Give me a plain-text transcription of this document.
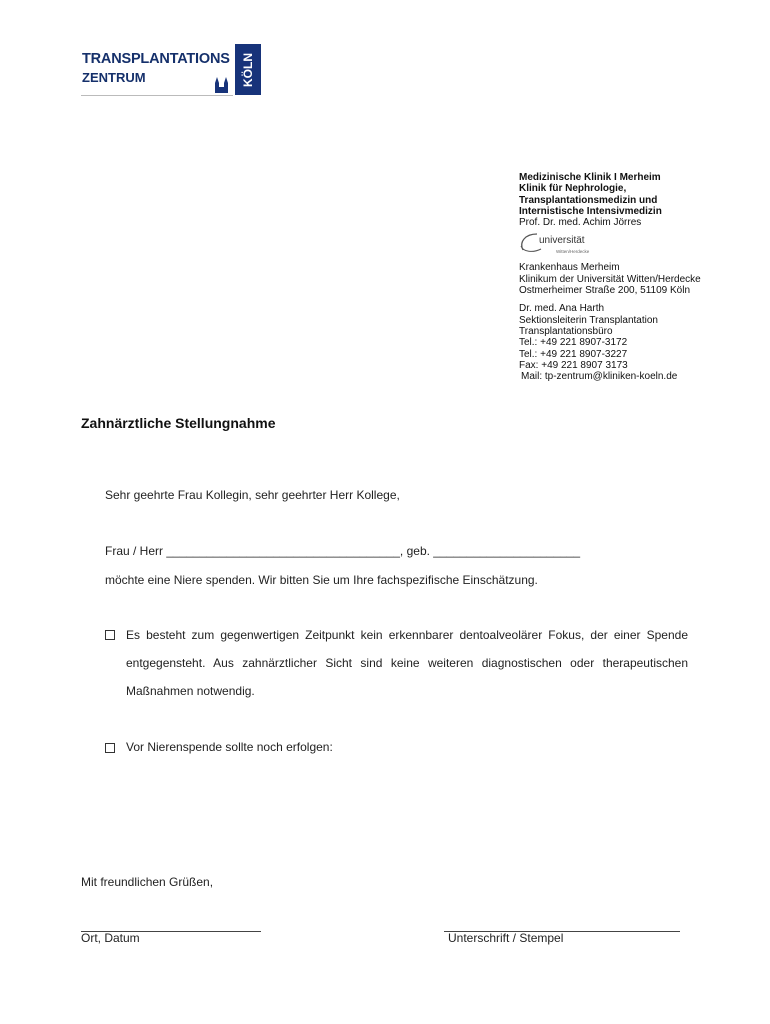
TRANSPLANTATIONS
ZENTRUM	KÖLN
Medizinische Klinik I Merheim
Klinik für Nephrologie,
Transplantationsmedizin und
Internistische Intensivmedizin
Prof. Dr. med. Achim Jörres
universität
Witten/Herdecke
Krankenhaus Merheim
Klinikum der Universität Witten/Herdecke
Ostmerheimer Straße 200, 51109 Köln
Dr. med. Ana Harth
Sektionsleiterin Transplantation
Transplantationsbüro
Tel.: +49 221 8907-3172
Tel.: +49 221 8907-3227
Fax: +49 221 8907 3173
Mail: tp-zentrum@kliniken-koeln.de
Zahnärztliche Stellungnahme
Sehr geehrte Frau Kollegin, sehr geehrter Herr Kollege,
Frau / Herr ___________________________________, geb. ______________________
möchte eine Niere spenden. Wir bitten Sie um Ihre fachspezifische Einschätzung.
Es besteht zum gegenwertigen Zeitpunkt kein erkennbarer dentoalveolärer Fokus, der einer Spende entgegensteht. Aus zahnärztlicher Sicht sind keine weiteren diagnostischen oder therapeutischen Maßnahmen notwendig.
Vor Nierenspende sollte noch erfolgen:
Mit freundlichen Grüßen,
Ort, Datum	Unterschrift / Stempel
